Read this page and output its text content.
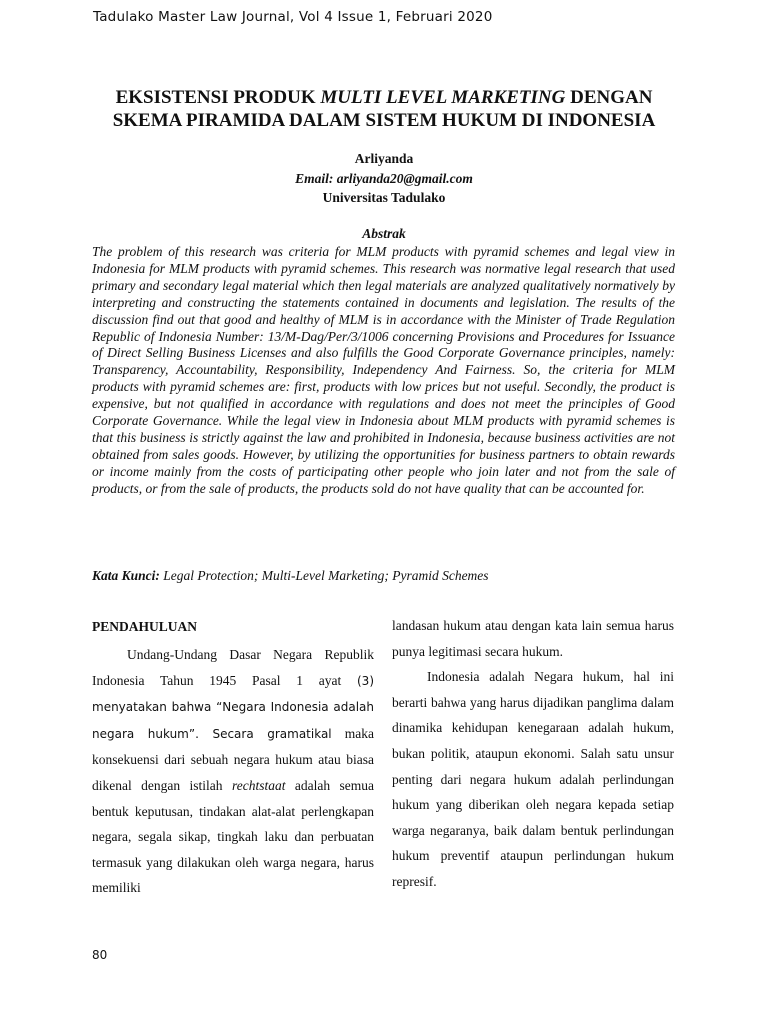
Tadulako Master Law Journal, Vol 4 Issue 1, Februari 2020
EKSISTENSI PRODUK MULTI LEVEL MARKETING DENGAN SKEMA PIRAMIDA DALAM SISTEM HUKUM DI INDONESIA
Arliyanda
Email: arliyanda20@gmail.com
Universitas Tadulako
Abstrak

The problem of this research was criteria for MLM products with pyramid schemes and legal view in Indonesia for MLM products with pyramid schemes. This research was normative legal research that used primary and secondary legal material which then legal materials are analyzed qualitatively normatively by interpreting and constructing the statements contained in documents and legislation. The results of the discussion find out that good and healthy of MLM is in accordance with the Minister of Trade Regulation Republic of Indonesia Number: 13/M-Dag/Per/3/1006 concerning Provisions and Procedures for Issuance of Direct Selling Business Licenses and also fulfills the Good Corporate Governance principles, namely: Transparency, Accountability, Responsibility, Independency And Fairness. So, the criteria for MLM products with pyramid schemes are: first, products with low prices but not useful. Secondly, the product is expensive, but not qualified in accordance with regulations and does not meet the principles of Good Corporate Governance. While the legal view in Indonesia about MLM products with pyramid schemes is that this business is strictly against the law and prohibited in Indonesia, because business activities are not obtained from sales goods. However, by utilizing the opportunities for business partners to obtain rewards or income mainly from the costs of participating other people who join later and not from the sale of products, or from the sale of products, the products sold do not have quality that can be accounted for.

Kata Kunci: Legal Protection; Multi-Level Marketing; Pyramid Schemes
PENDAHULUAN

Undang-Undang Dasar Negara Republik Indonesia Tahun 1945 Pasal 1 ayat (3) menyatakan bahwa “Negara Indonesia adalah negara hukum”. Secara gramatikal maka konsekuensi dari sebuah negara hukum atau biasa dikenal dengan istilah rechtstaat adalah semua bentuk keputusan, tindakan alat-alat perlengkapan negara, segala sikap, tingkah laku dan perbuatan termasuk yang dilakukan oleh warga negara, harus memiliki

landasan hukum atau dengan kata lain semua harus punya legitimasi secara hukum.

Indonesia adalah Negara hukum, hal ini berarti bahwa yang harus dijadikan panglima dalam dinamika kehidupan kenegaraan adalah hukum, bukan politik, ataupun ekonomi. Salah satu unsur penting dari negara hukum adalah perlindungan hukum yang diberikan oleh negara kepada setiap warga negaranya, baik dalam bentuk perlindungan hukum preventif ataupun perlindungan hukum represif.

80
